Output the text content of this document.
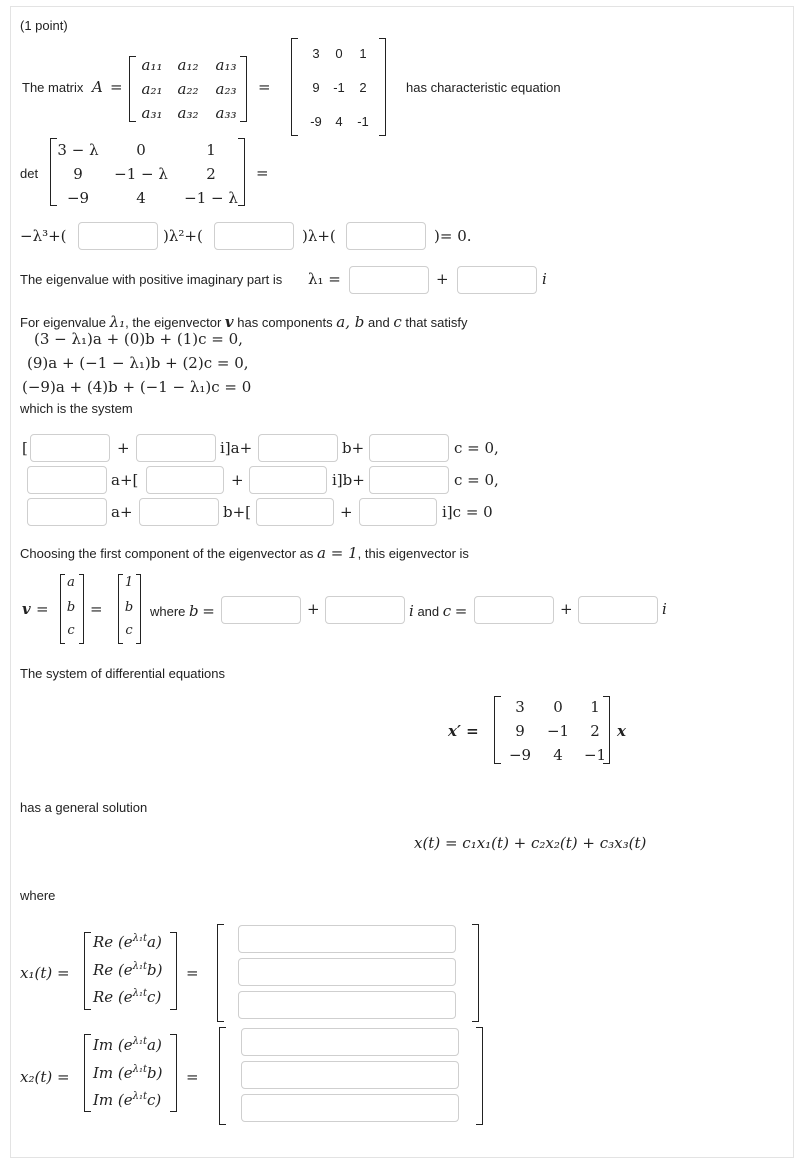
(1 point)
The matrix A =
a₁₁	a₁₂	a₁₃
a₂₁	a₂₂	a₂₃
a₃₁	a₃₂	a₃₃
=
3	0	1
9	-1	2
-9	4	-1
has characteristic equation
det
3 − λ	0	1
9	−1 − λ	2
−9	4	−1 − λ
=
−λ³+(	)λ²+(	)λ+(	)= 0.
The eigenvalue with positive imaginary part is λ₁ =	+	i
For eigenvalue λ₁, the eigenvector v has components a, b and c that satisfy
(3 − λ₁)a + (0)b + (1)c = 0,
(9)a + (−1 − λ₁)b + (2)c = 0,
(−9)a + (4)b + (−1 − λ₁)c = 0
which is the system
[	+	i]a+	b+	c = 0,
a+[	+	i]b+	c = 0,
a+	b+[	+	i]c = 0
Choosing the first component of the eigenvector as a = 1, this eigenvector is
v =
a
b
c
=
1
b
c
where b =	+	i and c =	+	i
The system of differential equations
x′ =
3	0	1
9	−1	2
−9	4	−1
x
has a general solution
x(t) = c₁x₁(t) + c₂x₂(t) + c₃x₃(t)
where
x₁(t) =
Re $(e^{\lambda_1t}a)$
Re $(e^{\lambda_1t}b)$
Re $(e^{\lambda_1t}c)$
=
x₂(t) =
Im $(e^{\lambda_1t}a)$
Im $(e^{\lambda_1t}b)$
Im $(e^{\lambda_1t}c)$
=
